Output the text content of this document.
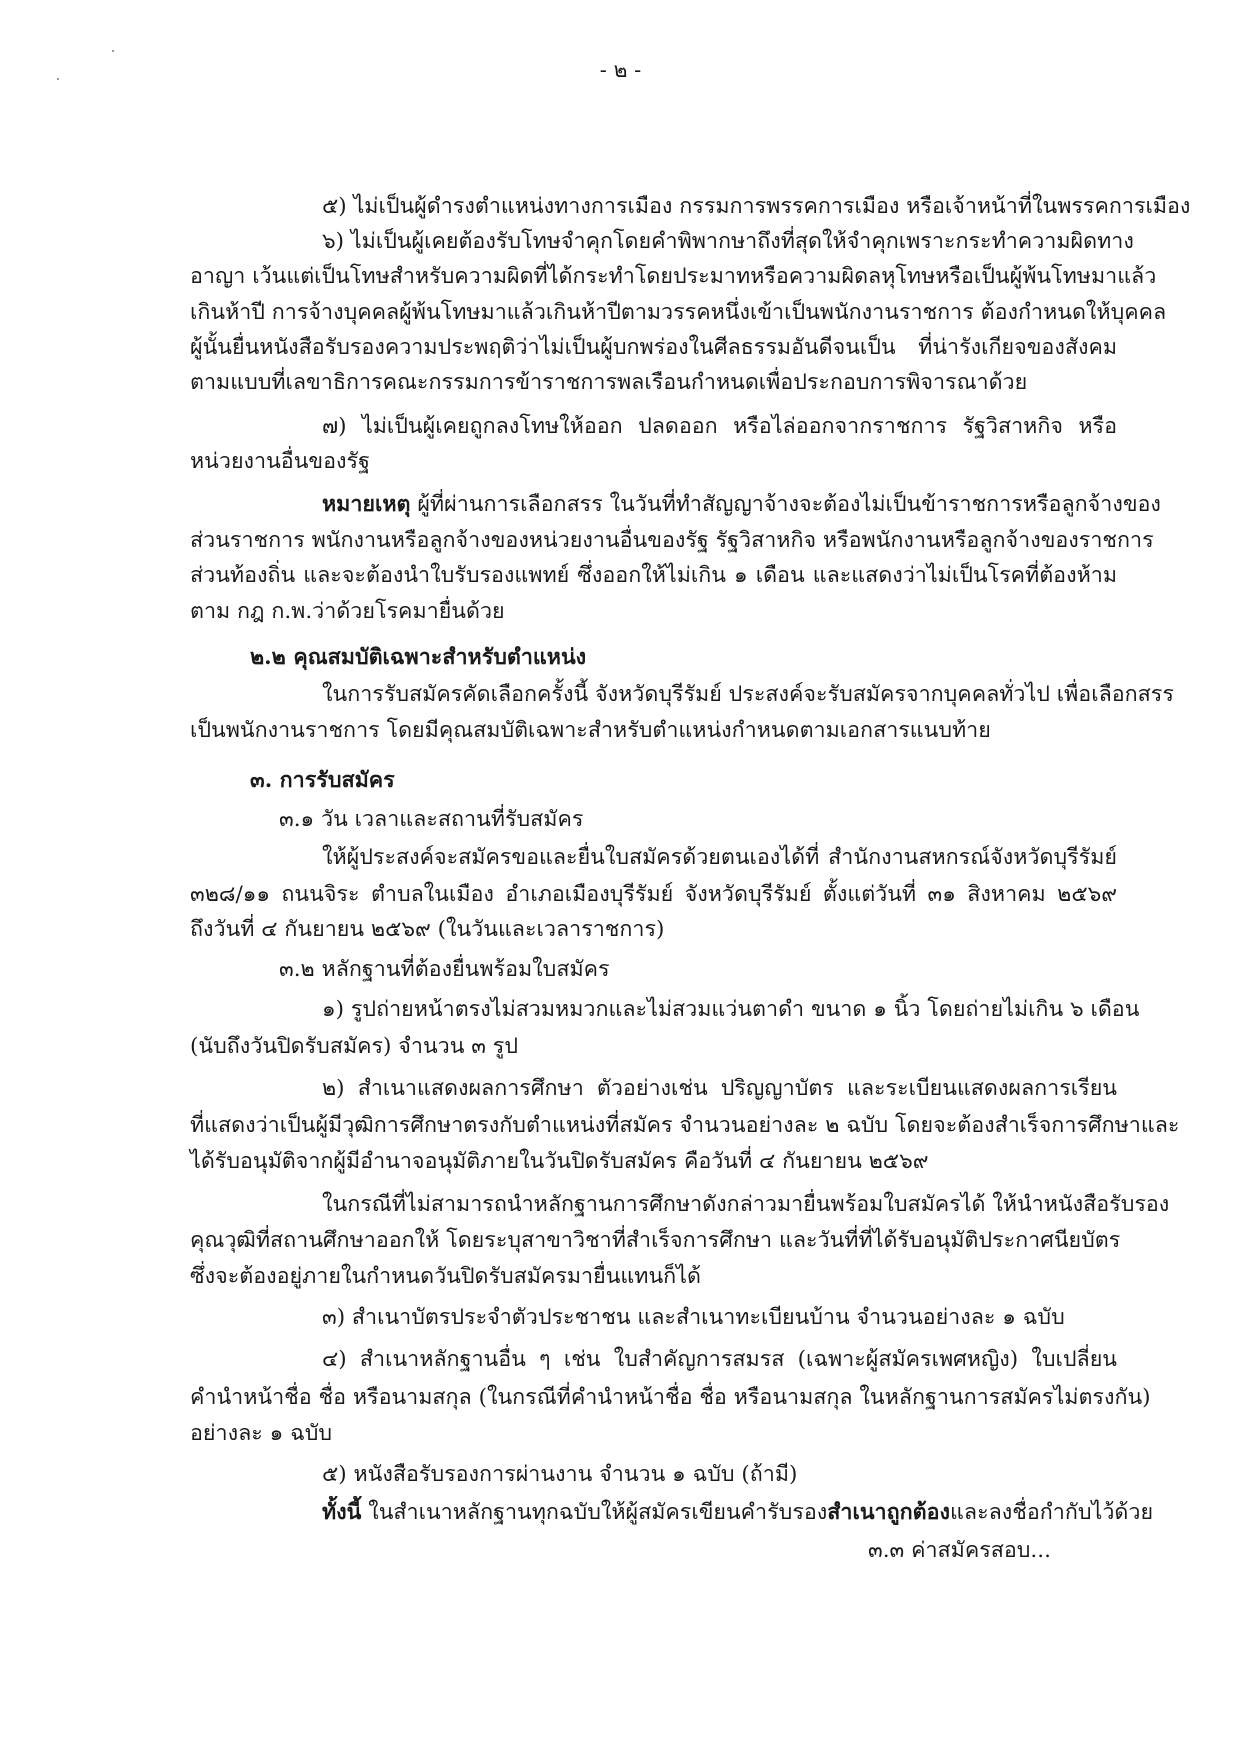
- ๒ -
๕) ไม่เป็นผู้ดำรงตำแหน่งทางการเมือง กรรมการพรรคการเมือง หรือเจ้าหน้าที่ในพรรคการเมือง
๖) ไม่เป็นผู้เคยต้องรับโทษจำคุกโดยคำพิพากษาถึงที่สุดให้จำคุกเพราะกระทำความผิดทาง
อาญา เว้นแต่เป็นโทษสำหรับความผิดที่ได้กระทำโดยประมาทหรือความผิดลหุโทษหรือเป็นผู้พ้นโทษมาแล้ว
เกินห้าปี การจ้างบุคคลผู้พ้นโทษมาแล้วเกินห้าปีตามวรรคหนึ่งเข้าเป็นพนักงานราชการ ต้องกำหนดให้บุคคล
ผู้นั้นยื่นหนังสือรับรองความประพฤติว่าไม่เป็นผู้บกพร่องในศีลธรรมอันดีจนเป็น ที่น่ารังเกียจของสังคม
ตามแบบที่เลขาธิการคณะกรรมการข้าราชการพลเรือนกำหนดเพื่อประกอบการพิจารณาด้วย
๗) ไม่เป็นผู้เคยถูกลงโทษให้ออก ปลดออก หรือไล่ออกจากราชการ รัฐวิสาหกิจ หรือ
หน่วยงานอื่นของรัฐ
หมายเหตุ ผู้ที่ผ่านการเลือกสรร ในวันที่ทำสัญญาจ้างจะต้องไม่เป็นข้าราชการหรือลูกจ้างของ
ส่วนราชการ พนักงานหรือลูกจ้างของหน่วยงานอื่นของรัฐ รัฐวิสาหกิจ หรือพนักงานหรือลูกจ้างของราชการ
ส่วนท้องถิ่น และจะต้องนำใบรับรองแพทย์ ซึ่งออกให้ไม่เกิน ๑ เดือน และแสดงว่าไม่เป็นโรคที่ต้องห้าม
ตาม กฎ ก.พ.ว่าด้วยโรคมายื่นด้วย
๒.๒ คุณสมบัติเฉพาะสำหรับตำแหน่ง
ในการรับสมัครคัดเลือกครั้งนี้ จังหวัดบุรีรัมย์ ประสงค์จะรับสมัครจากบุคคลทั่วไป เพื่อเลือกสรร
เป็นพนักงานราชการ โดยมีคุณสมบัติเฉพาะสำหรับตำแหน่งกำหนดตามเอกสารแนบท้าย
๓. การรับสมัคร
๓.๑ วัน เวลาและสถานที่รับสมัคร
ให้ผู้ประสงค์จะสมัครขอและยื่นใบสมัครด้วยตนเองได้ที่ สำนักงานสหกรณ์จังหวัดบุรีรัมย์
๓๒๘/๑๑ ถนนจิระ ตำบลในเมือง อำเภอเมืองบุรีรัมย์ จังหวัดบุรีรัมย์ ตั้งแต่วันที่ ๓๑ สิงหาคม ๒๕๖๙
ถึงวันที่ ๔ กันยายน ๒๕๖๙ (ในวันและเวลาราชการ)
๓.๒ หลักฐานที่ต้องยื่นพร้อมใบสมัคร
๑) รูปถ่ายหน้าตรงไม่สวมหมวกและไม่สวมแว่นตาดำ ขนาด ๑ นิ้ว โดยถ่ายไม่เกิน ๖ เดือน
(นับถึงวันปิดรับสมัคร) จำนวน ๓ รูป
๒) สำเนาแสดงผลการศึกษา ตัวอย่างเช่น ปริญญาบัตร และระเบียนแสดงผลการเรียน
ที่แสดงว่าเป็นผู้มีวุฒิการศึกษาตรงกับตำแหน่งที่สมัคร จำนวนอย่างละ ๒ ฉบับ โดยจะต้องสำเร็จการศึกษาและ
ได้รับอนุมัติจากผู้มีอำนาจอนุมัติภายในวันปิดรับสมัคร คือวันที่ ๔ กันยายน ๒๕๖๙
ในกรณีที่ไม่สามารถนำหลักฐานการศึกษาดังกล่าวมายื่นพร้อมใบสมัครได้ ให้นำหนังสือรับรอง
คุณวุฒิที่สถานศึกษาออกให้ โดยระบุสาขาวิชาที่สำเร็จการศึกษา และวันที่ที่ได้รับอนุมัติประกาศนียบัตร
ซึ่งจะต้องอยู่ภายในกำหนดวันปิดรับสมัครมายื่นแทนก็ได้
๓) สำเนาบัตรประจำตัวประชาชน และสำเนาทะเบียนบ้าน จำนวนอย่างละ ๑ ฉบับ
๔) สำเนาหลักฐานอื่น ๆ เช่น ใบสำคัญการสมรส (เฉพาะผู้สมัครเพศหญิง) ใบเปลี่ยน
คำนำหน้าชื่อ ชื่อ หรือนามสกุล (ในกรณีที่คำนำหน้าชื่อ ชื่อ หรือนามสกุล ในหลักฐานการสมัครไม่ตรงกัน)
อย่างละ ๑ ฉบับ
๕) หนังสือรับรองการผ่านงาน จำนวน ๑ ฉบับ (ถ้ามี)
ทั้งนี้ ในสำเนาหลักฐานทุกฉบับให้ผู้สมัครเขียนคำรับรองสำเนาถูกต้องและลงชื่อกำกับไว้ด้วย
๓.๓ ค่าสมัครสอบ...
